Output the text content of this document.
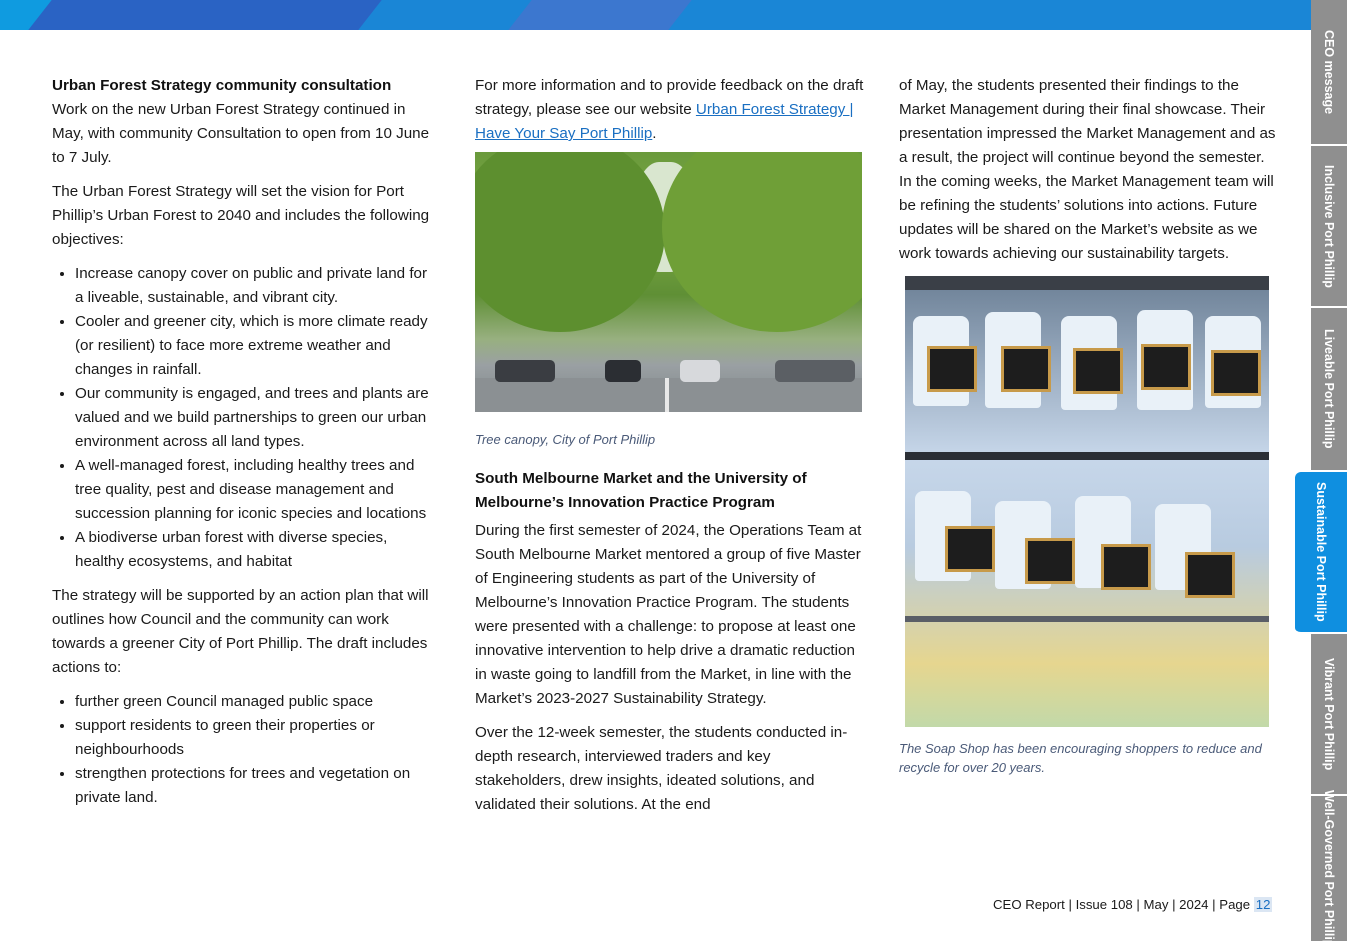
Urban Forest Strategy community consultation

Work on the new Urban Forest Strategy continued in May, with community Consultation to open from 10 June to 7 July.

The Urban Forest Strategy will set the vision for Port Phillip’s Urban Forest to 2040 and includes the following objectives:

• Increase canopy cover on public and private land for a liveable, sustainable, and vibrant city.
• Cooler and greener city, which is more climate ready (or resilient) to face more extreme weather and changes in rainfall.
• Our community is engaged, and trees and plants are valued and we build partnerships to green our urban environment across all land types.
• A well-managed forest, including healthy trees and tree quality, pest and disease management and succession planning for iconic species and locations
• A biodiverse urban forest with diverse species, healthy ecosystems, and habitat

The strategy will be supported by an action plan that will outlines how Council and the community can work towards a greener City of Port Phillip. The draft includes actions to:

• further green Council managed public space
• support residents to green their properties or neighbourhoods
• strengthen protections for trees and vegetation on private land.

For more information and to provide feedback on the draft strategy, please see our website Urban Forest Strategy | Have Your Say Port Phillip.

Tree canopy, City of Port Phillip
South Melbourne Market and the University of Melbourne’s Innovation Practice Program

During the first semester of 2024, the Operations Team at South Melbourne Market mentored a group of five Master of Engineering students as part of the University of Melbourne’s Innovation Practice Program. The students were presented with a challenge: to propose at least one innovative intervention to help drive a dramatic reduction in waste going to landfill from the Market, in line with the Market’s 2023-2027 Sustainability Strategy.

Over the 12-week semester, the students conducted in-depth research, interviewed traders and key stakeholders, drew insights, ideated solutions, and validated their solutions. At the end

of May, the students presented their findings to the Market Management during their final showcase. Their presentation impressed the Market Management and as a result, the project will continue beyond the semester. In the coming weeks, the Market Management team will be refining the students’ solutions into actions. Future updates will be shared on the Market’s website as we work towards achieving our sustainability targets.

The Soap Shop has been encouraging shoppers to reduce and recycle for over 20 years.
CEO Report | Issue 108 | May | 2024 | Page 12
CEO message
Inclusive Port Phillip
Liveable Port Phillip
Sustainable Port Phillip
Vibrant Port Phillip
Well-Governed Port Phillip
